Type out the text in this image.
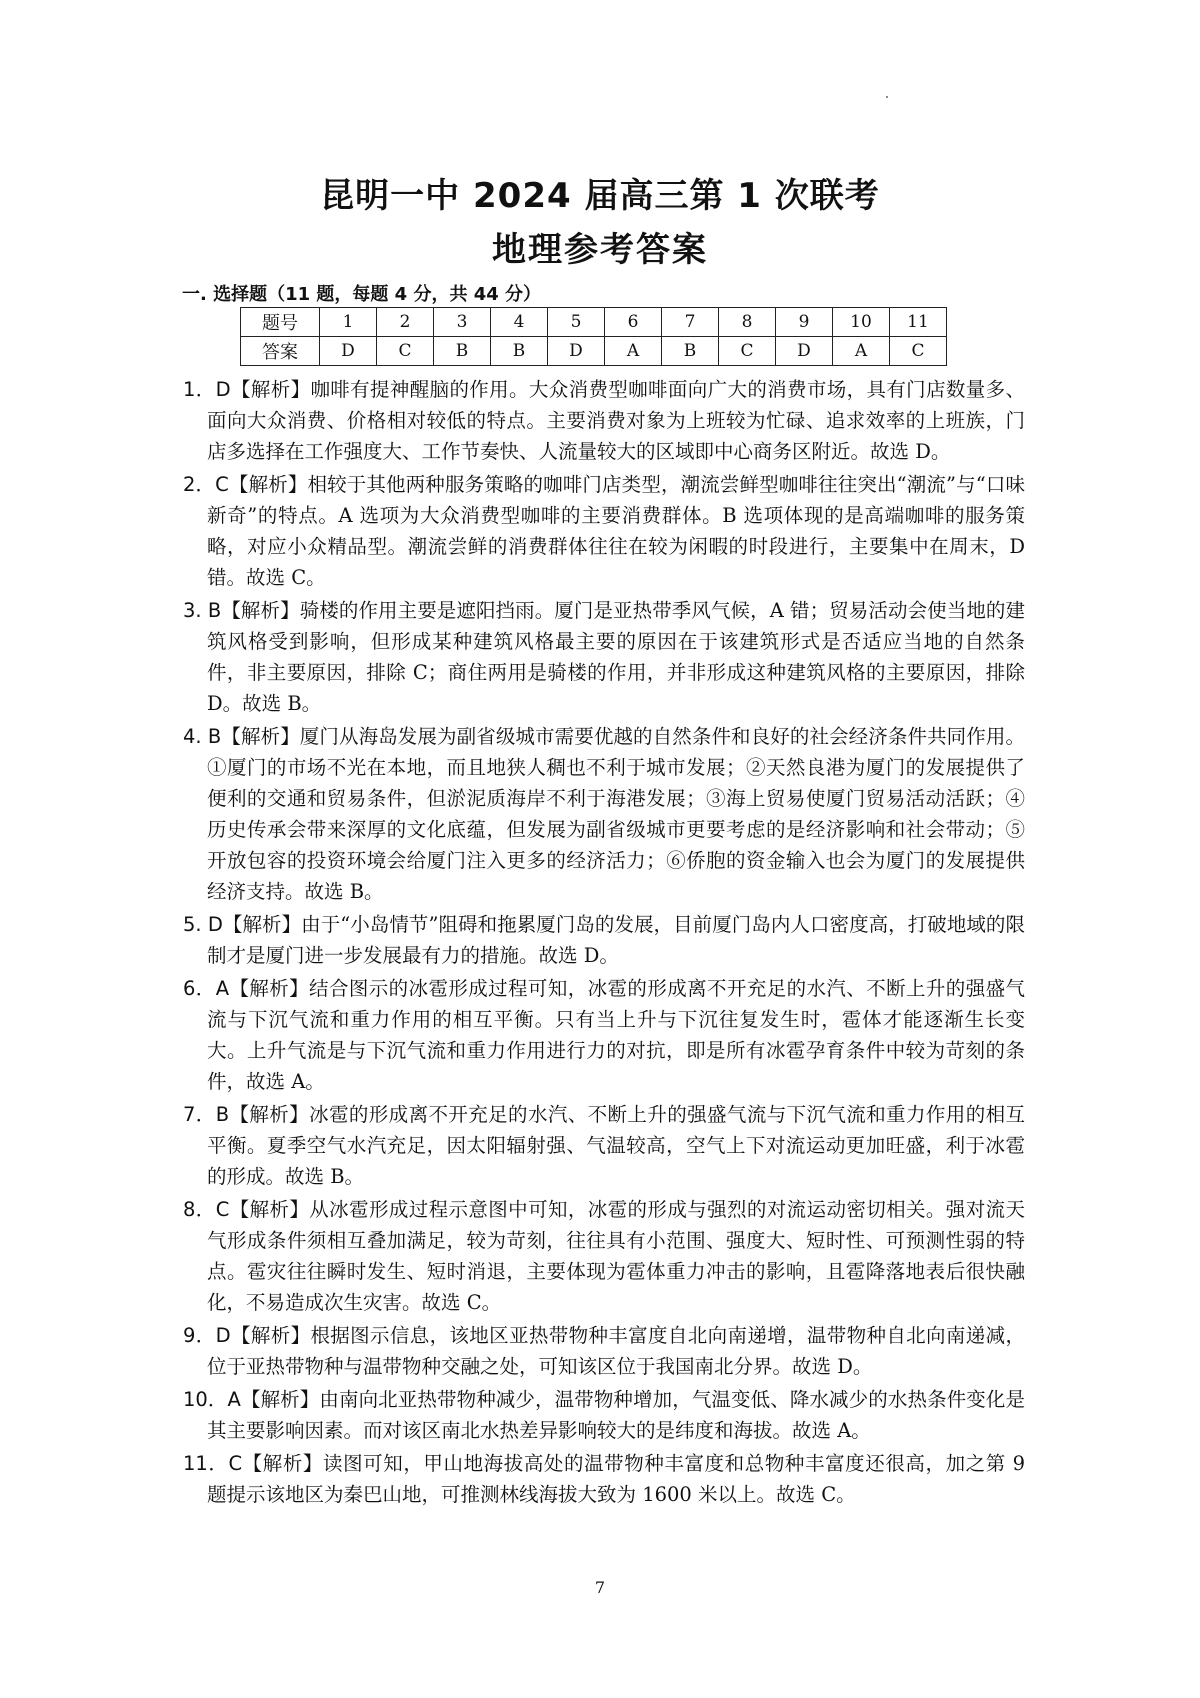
昆明一中 2024 届高三第 1 次联考
地理参考答案
一. 选择题（11 题，每题 4 分，共 44 分）
题号	1	2	3	4	5	6	7	8	9	10	11
答案	D	C	B	B	D	A	B	C	D	A	C

1．D【解析】咖啡有提神醒脑的作用。大众消费型咖啡面向广大的消费市场，具有门店数量多、面向大众消费、价格相对较低的特点。主要消费对象为上班较为忙碌、追求效率的上班族，门店多选择在工作强度大、工作节奏快、人流量较大的区域即中心商务区附近。故选 D。

2．C【解析】相较于其他两种服务策略的咖啡门店类型，潮流尝鲜型咖啡往往突出“潮流”与“口味新奇”的特点。A 选项为大众消费型咖啡的主要消费群体。B 选项体现的是高端咖啡的服务策略，对应小众精品型。潮流尝鲜的消费群体往往在较为闲暇的时段进行，主要集中在周末，D 错。故选 C。

3. B【解析】骑楼的作用主要是遮阳挡雨。厦门是亚热带季风气候，A 错；贸易活动会使当地的建筑风格受到影响，但形成某种建筑风格最主要的原因在于该建筑形式是否适应当地的自然条件，非主要原因，排除 C；商住两用是骑楼的作用，并非形成这种建筑风格的主要原因，排除 D。故选 B。

4. B【解析】厦门从海岛发展为副省级城市需要优越的自然条件和良好的社会经济条件共同作用。①厦门的市场不光在本地，而且地狭人稠也不利于城市发展；②天然良港为厦门的发展提供了便利的交通和贸易条件，但淤泥质海岸不利于海港发展；③海上贸易使厦门贸易活动活跃；④历史传承会带来深厚的文化底蕴，但发展为副省级城市更要考虑的是经济影响和社会带动；⑤开放包容的投资环境会给厦门注入更多的经济活力；⑥侨胞的资金输入也会为厦门的发展提供经济支持。故选 B。

5. D【解析】由于“小岛情节”阻碍和拖累厦门岛的发展，目前厦门岛内人口密度高，打破地域的限制才是厦门进一步发展最有力的措施。故选 D。

6．A【解析】结合图示的冰雹形成过程可知，冰雹的形成离不开充足的水汽、不断上升的强盛气流与下沉气流和重力作用的相互平衡。只有当上升与下沉往复发生时，雹体才能逐渐生长变大。上升气流是与下沉气流和重力作用进行力的对抗，即是所有冰雹孕育条件中较为苛刻的条件，故选 A。

7．B【解析】冰雹的形成离不开充足的水汽、不断上升的强盛气流与下沉气流和重力作用的相互平衡。夏季空气水汽充足，因太阳辐射强、气温较高，空气上下对流运动更加旺盛，利于冰雹的形成。故选 B。

8．C【解析】从冰雹形成过程示意图中可知，冰雹的形成与强烈的对流运动密切相关。强对流天气形成条件须相互叠加满足，较为苛刻，往往具有小范围、强度大、短时性、可预测性弱的特点。雹灾往往瞬时发生、短时消退，主要体现为雹体重力冲击的影响，且雹降落地表后很快融化，不易造成次生灾害。故选 C。

9．D【解析】根据图示信息，该地区亚热带物种丰富度自北向南递增，温带物种自北向南递减，位于亚热带物种与温带物种交融之处，可知该区位于我国南北分界。故选 D。

10．A【解析】由南向北亚热带物种减少，温带物种增加，气温变低、降水减少的水热条件变化是其主要影响因素。而对该区南北水热差异影响较大的是纬度和海拔。故选 A。

11．C【解析】读图可知，甲山地海拔高处的温带物种丰富度和总物种丰富度还很高，加之第 9 题提示该地区为秦巴山地，可推测林线海拔大致为 1600 米以上。故选 C。

7
